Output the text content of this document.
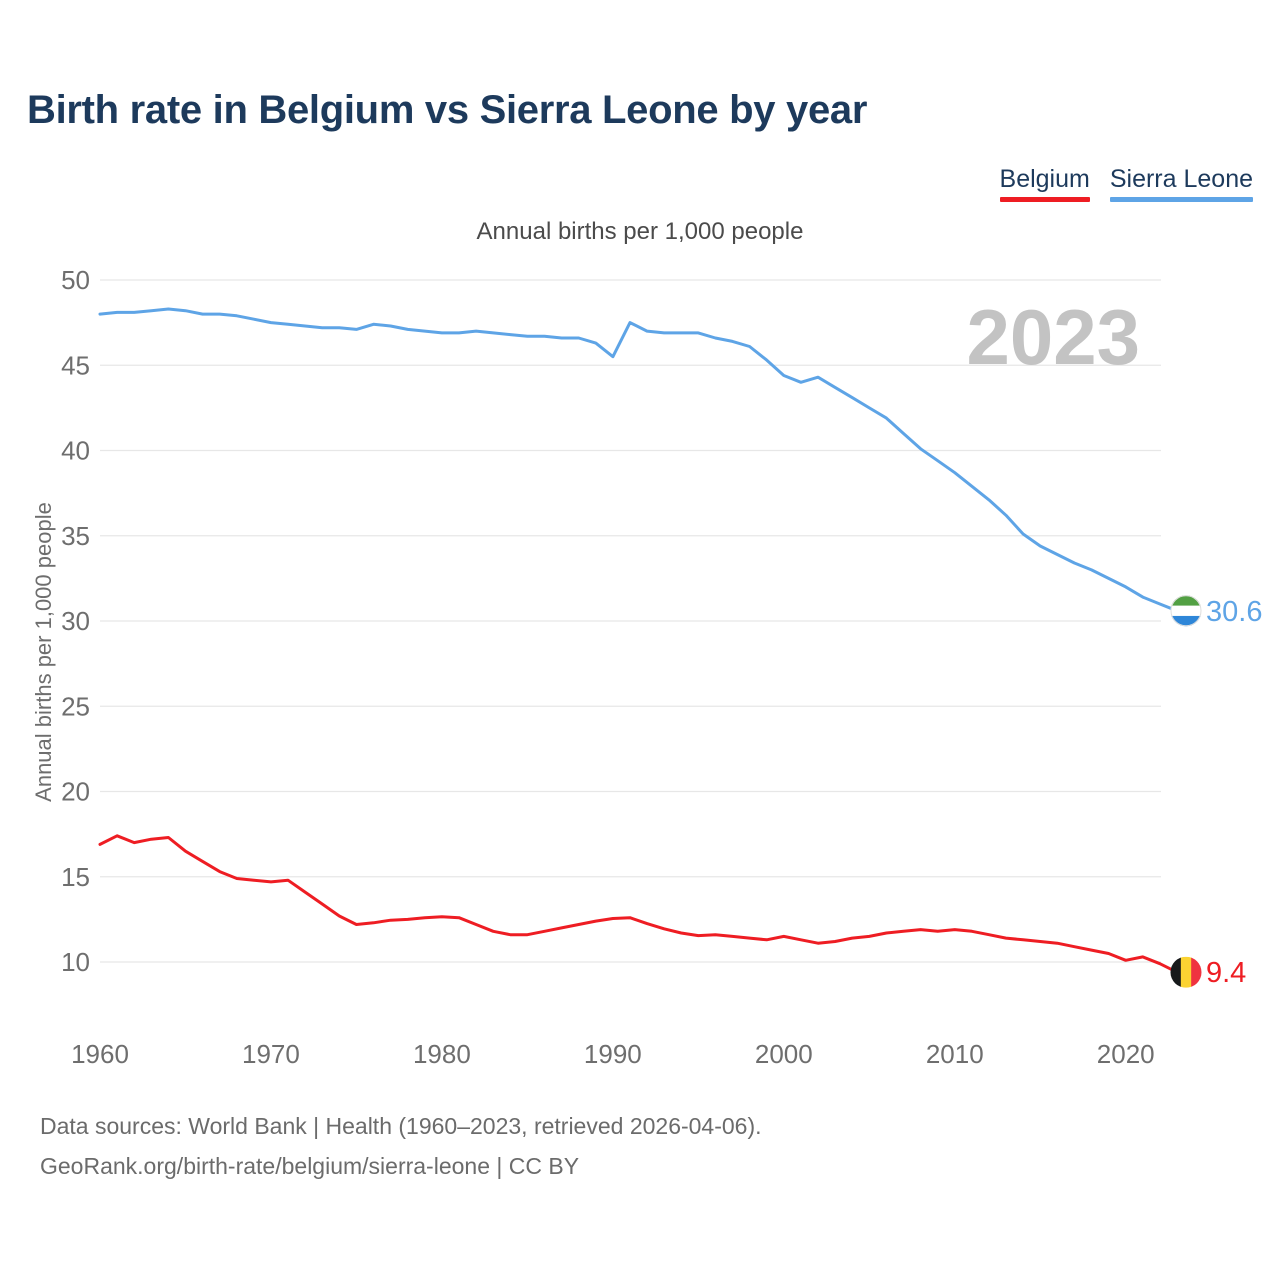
Birth rate in Belgium vs Sierra Leone by year
Belgium Sierra Leone
Annual births per 1,000 people
Annual births per 1,000 people
10
15
20
25
30
35
40
45
50
1960	1970	1980	1990	2000	2010	2020
2023
9.4
30.6
Data sources: World Bank | Health (1960–2023, retrieved 2026-04-06).
GeoRank.org/birth-rate/belgium/sierra-leone | CC BY
